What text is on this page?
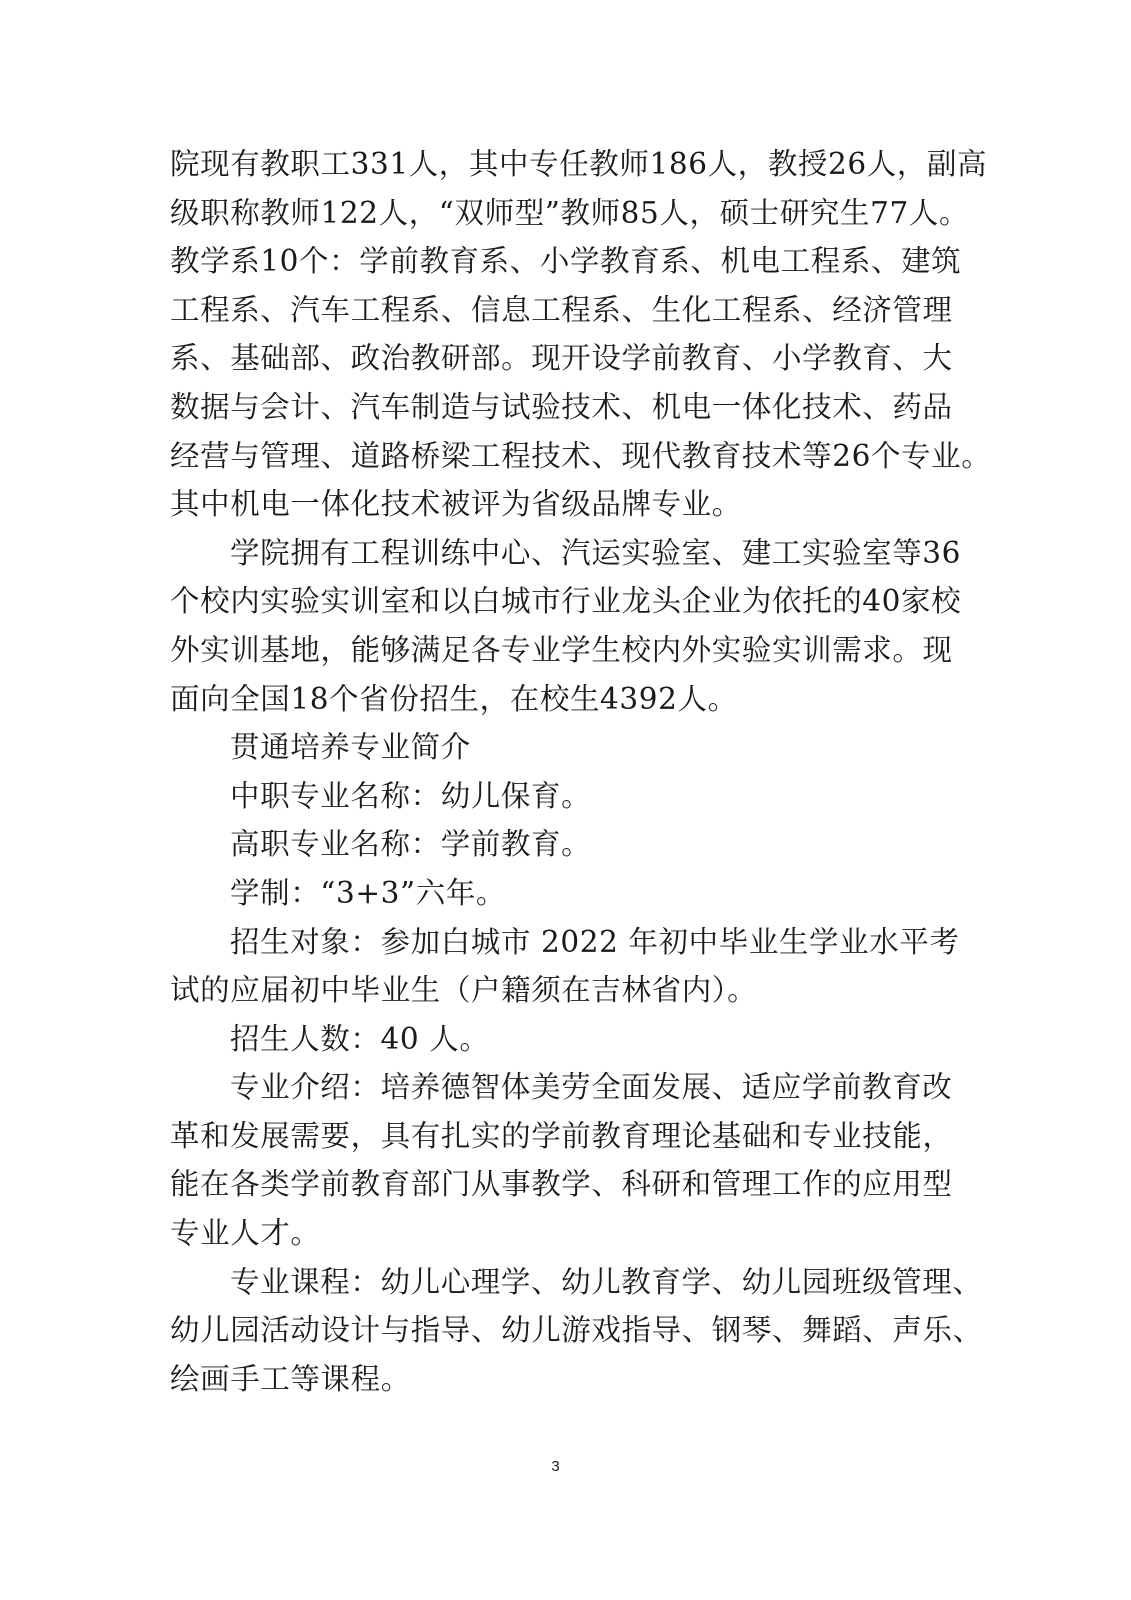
院现有教职工331人，其中专任教师186人，教授26人，副高
级职称教师122人，“双师型”教师85人，硕士研究生77人。
教学系10个：学前教育系、小学教育系、机电工程系、建筑
工程系、汽车工程系、信息工程系、生化工程系、经济管理
系、基础部、政治教研部。现开设学前教育、小学教育、大
数据与会计、汽车制造与试验技术、机电一体化技术、药品
经营与管理、道路桥梁工程技术、现代教育技术等26个专业。
其中机电一体化技术被评为省级品牌专业。
学院拥有工程训练中心、汽运实验室、建工实验室等36
个校内实验实训室和以白城市行业龙头企业为依托的40家校
外实训基地，能够满足各专业学生校内外实验实训需求。现
面向全国18个省份招生，在校生4392人。
贯通培养专业简介
中职专业名称：幼儿保育。
高职专业名称：学前教育。
学制：“3+3”六年。
招生对象：参加白城市 2022 年初中毕业生学业水平考
试的应届初中毕业生（户籍须在吉林省内）。
招生人数：40 人。
专业介绍：培养德智体美劳全面发展、适应学前教育改
革和发展需要，具有扎实的学前教育理论基础和专业技能，
能在各类学前教育部门从事教学、科研和管理工作的应用型
专业人才。
专业课程：幼儿心理学、幼儿教育学、幼儿园班级管理、
幼儿园活动设计与指导、幼儿游戏指导、钢琴、舞蹈、声乐、
绘画手工等课程。
3
